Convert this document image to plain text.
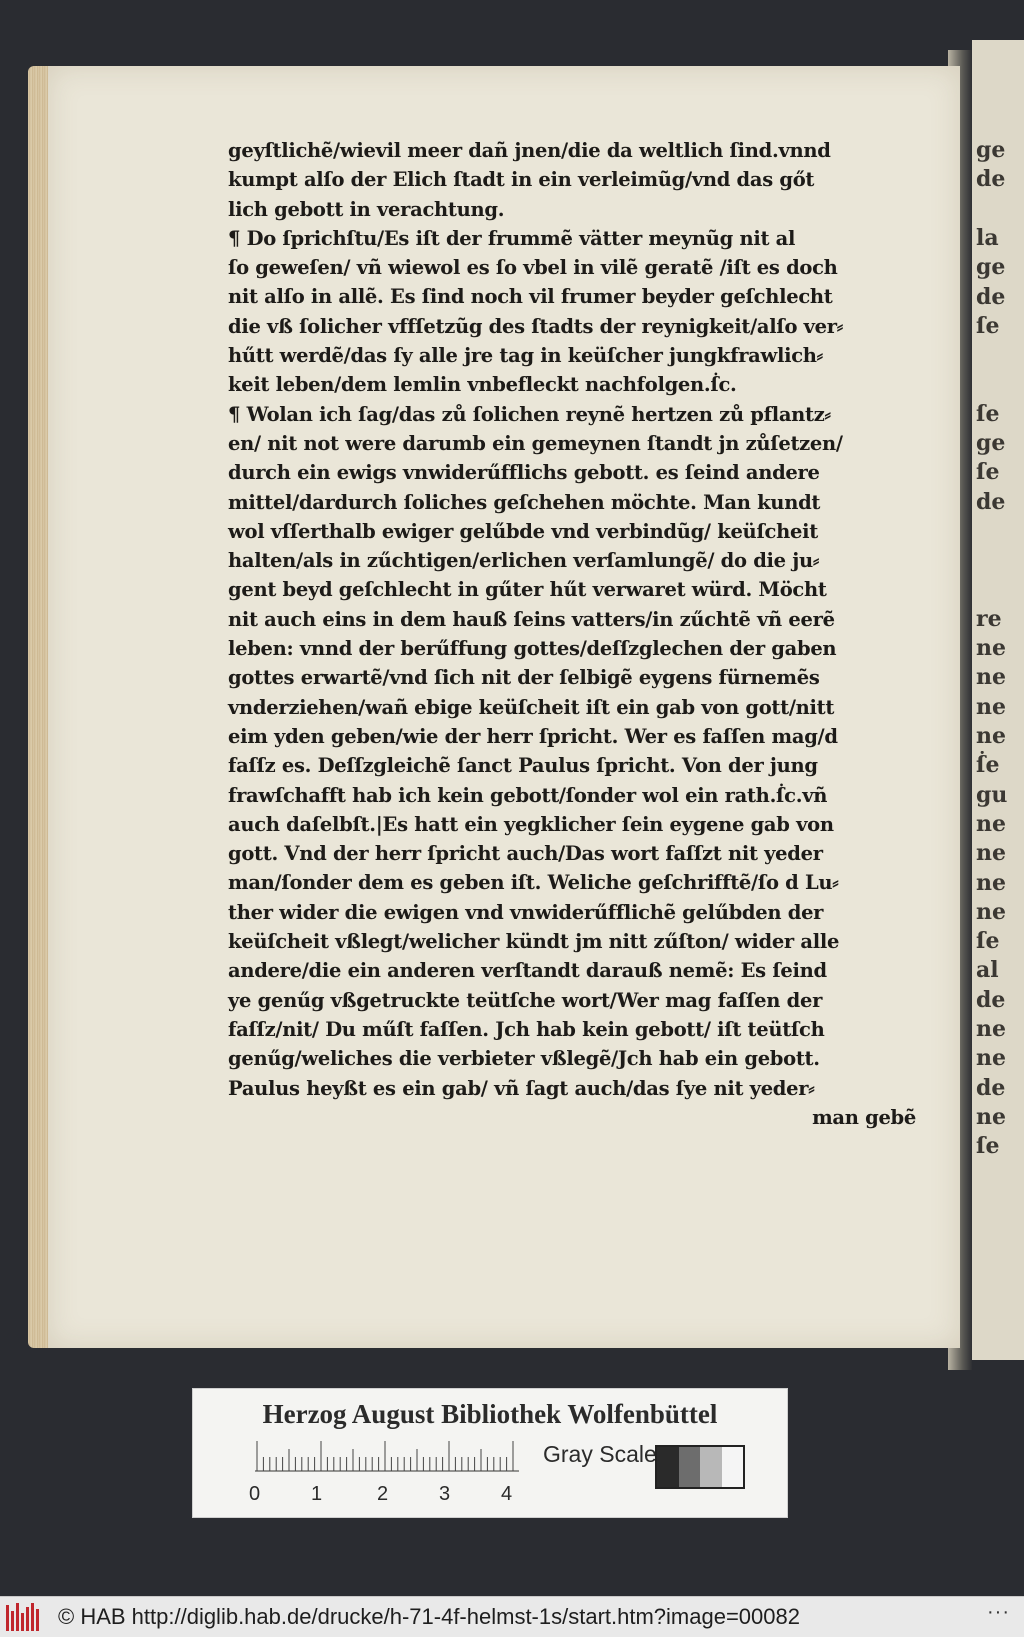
ge
de
la
ge
de
ſe
ſe
ge
ſe
de
re
ne
ne
ne
ne
ẛe
gu
ne
ne
ne
ne
ſe
al
de
ne
ne
de
ne
ſe
geyſtlichẽ/wievil meer dañ jnen/die da weltlich ſind.vnnd
kumpt alſo der Elich ſtadt in ein verleimũg/vnd das gőt
lich gebott in verachtung.
¶ Do ſprichſtu/Es iſt der frummẽ vätter meynũg nit al
ſo geweſen/ vñ wiewol es ſo vbel in vilẽ geratẽ /iſt es doch
nit alſo in allẽ. Es ſind noch vil frumer beyder geſchlecht
die vß ſolicher vffſetzũg des ſtadts der reynigkeit/alſo ver⸗
hűtt werdẽ/das ſy alle jre tag in keüſcher jungkfrawlich⸗
keit leben/dem lemlin vnbefleckt nachfolgen.ẛc.
¶ Wolan ich ſag/das zů ſolichen reynẽ hertzen zů pflantz⸗
en/ nit not were darumb ein gemeynen ſtandt jn zůſetzen/
durch ein ewigs vnwiderűfflichs gebott. es ſeind andere
mittel/dardurch ſoliches geſchehen möchte. Man kundt
wol vſſerthalb ewiger gelűbde vnd verbindũg/ keüſcheit
halten/als in zűchtigen/erlichen verſamlungẽ/ do die ju⸗
gent beyd geſchlecht in gűter hűt verwaret würd. Möcht
nit auch eins in dem hauß ſeins vatters/in zűchtẽ vñ eerẽ
leben: vnnd der berűffung gottes/deſſzglechen der gaben
gottes erwartẽ/vnd ſich nit der ſelbigẽ eygens fürnemẽs
vnderziehen/wañ ebige keüſcheit iſt ein gab von gott/nitt
eim yden geben/wie der herr ſpricht. Wer es faſſen mag/d
faſſz es. Deſſzgleichẽ ſanct Paulus ſpricht. Von der jung
frawſchafft hab ich kein gebott/ſonder wol ein rath.ẛc.vñ
auch daſelbſt.|Es hatt ein yegklicher ſein eygene gab von
gott. Vnd der herr ſpricht auch/Das wort faſſzt nit yeder
man/ſonder dem es geben iſt. Weliche geſchrifftẽ/ſo d Lu⸗
ther wider die ewigen vnd vnwiderűfflichẽ gelűbden der
keüſcheit vßlegt/welicher kündt jm nitt zűſton/ wider alle
andere/die ein anderen verſtandt darauß nemẽ: Es ſeind
ye genűg vßgetruckte teütſche wort/Wer mag faſſen der
faſſz/nit/ Du műſt faſſen. Jch hab kein gebott/ iſt teütſch
genűg/weliches die verbieter vßlegẽ/Jch hab ein gebott.
Paulus heyßt es ein gab/ vñ ſagt auch/das ſye nit yeder⸗
man gebẽ
Herzog August Bibliothek Wolfenbüttel
0	1	2	3	4
Gray Scale
© HAB http://diglib.hab.de/drucke/h-71-4f-helmst-1s/start.htm?image=00082	···
